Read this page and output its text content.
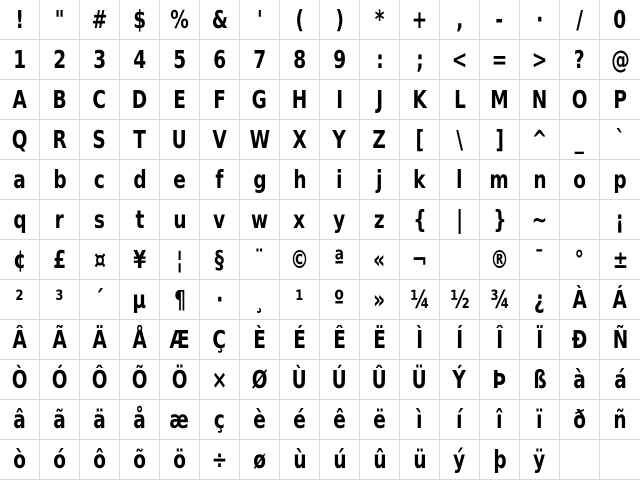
! " # $ % & ' ( ) * + , - · / 0
1 2 3 4 5 6 7 8 9 : ; < = > ? @
A B C D E F G H I J K L M N O P
Q R S T U V W X Y Z [ \ ] ^ _ `
a b c d e f g h i j k l m n o p
q r s t u v w x y z { | } ~
	¡
¢ £ ¤ ¥ ¦ § ¨ © ª « ¬	® ¯ ° ±
² ³ ´ µ ¶ · ¸ ¹ º » ¼ ½ ¾ ¿ À Á
Â Ã Ä Å Æ Ç È É Ê Ë Ì Í Î Ï Ð Ñ
Ò Ó Ô Õ Ö × Ø Ù Ú Û Ü Ý Þ ß à á
â ã ä å æ ç è é ê ë ì í î ï ð ñ
ò ó ô õ ö ÷ ø ù ú û ü ý þ ÿ
